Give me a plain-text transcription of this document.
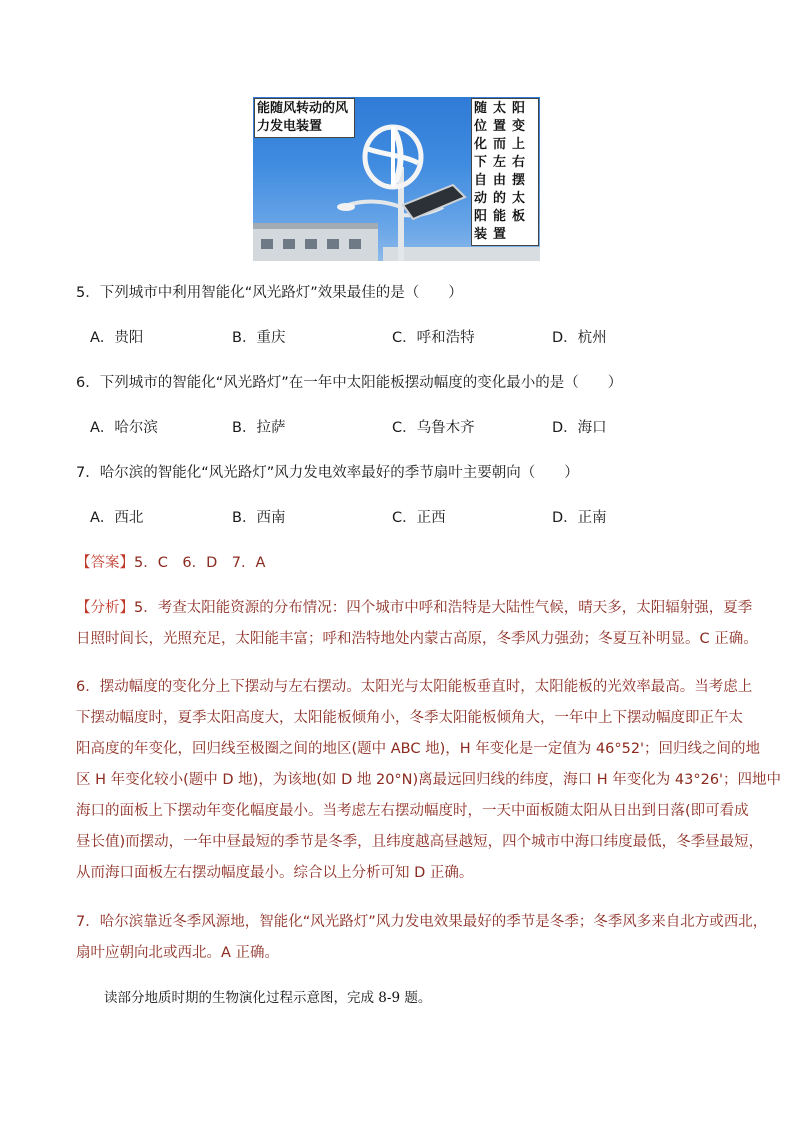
能随风转动的风力发电装置
随太阳位置变化而上下左右自由摆动的太阳能板装置
5．下列城市中利用智能化“风光路灯”效果最佳的是（　　）
A．贵阳	B．重庆	C．呼和浩特	D．杭州
6．下列城市的智能化“风光路灯”在一年中太阳能板摆动幅度的变化最小的是（　　）
A．哈尔滨	B．拉萨	C．乌鲁木齐	D．海口
7．哈尔滨的智能化“风光路灯”风力发电效率最好的季节扇叶主要朝向（　　）
A．西北	B．西南	C．正西	D．正南
【答案】5．C　6．D　7．A
【分析】5．考查太阳能资源的分布情况：四个城市中呼和浩特是大陆性气候，晴天多，太阳辐射强，夏季
日照时间长，光照充足，太阳能丰富；呼和浩特地处内蒙古高原，冬季风力强劲；冬夏互补明显。C 正确。
6．摆动幅度的变化分上下摆动与左右摆动。太阳光与太阳能板垂直时，太阳能板的光效率最高。当考虑上
下摆动幅度时，夏季太阳高度大，太阳能板倾角小，冬季太阳能板倾角大，一年中上下摆动幅度即正午太
阳高度的年变化，回归线至极圈之间的地区(题中 ABC 地)，H 年变化是一定值为 46°52'；回归线之间的地
区 H 年变化较小(题中 D 地)，为该地(如 D 地 20°N)离最远回归线的纬度，海口 H 年变化为 43°26'；四地中
海口的面板上下摆动年变化幅度最小。当考虑左右摆动幅度时，一天中面板随太阳从日出到日落(即可看成
昼长值)而摆动，一年中昼最短的季节是冬季，且纬度越高昼越短，四个城市中海口纬度最低，冬季昼最短，
从而海口面板左右摆动幅度最小。综合以上分析可知 D 正确。
7．哈尔滨靠近冬季风源地，智能化“风光路灯”风力发电效果最好的季节是冬季；冬季风多来自北方或西北，
扇叶应朝向北或西北。A 正确。
读部分地质时期的生物演化过程示意图，完成 8-9 题。
